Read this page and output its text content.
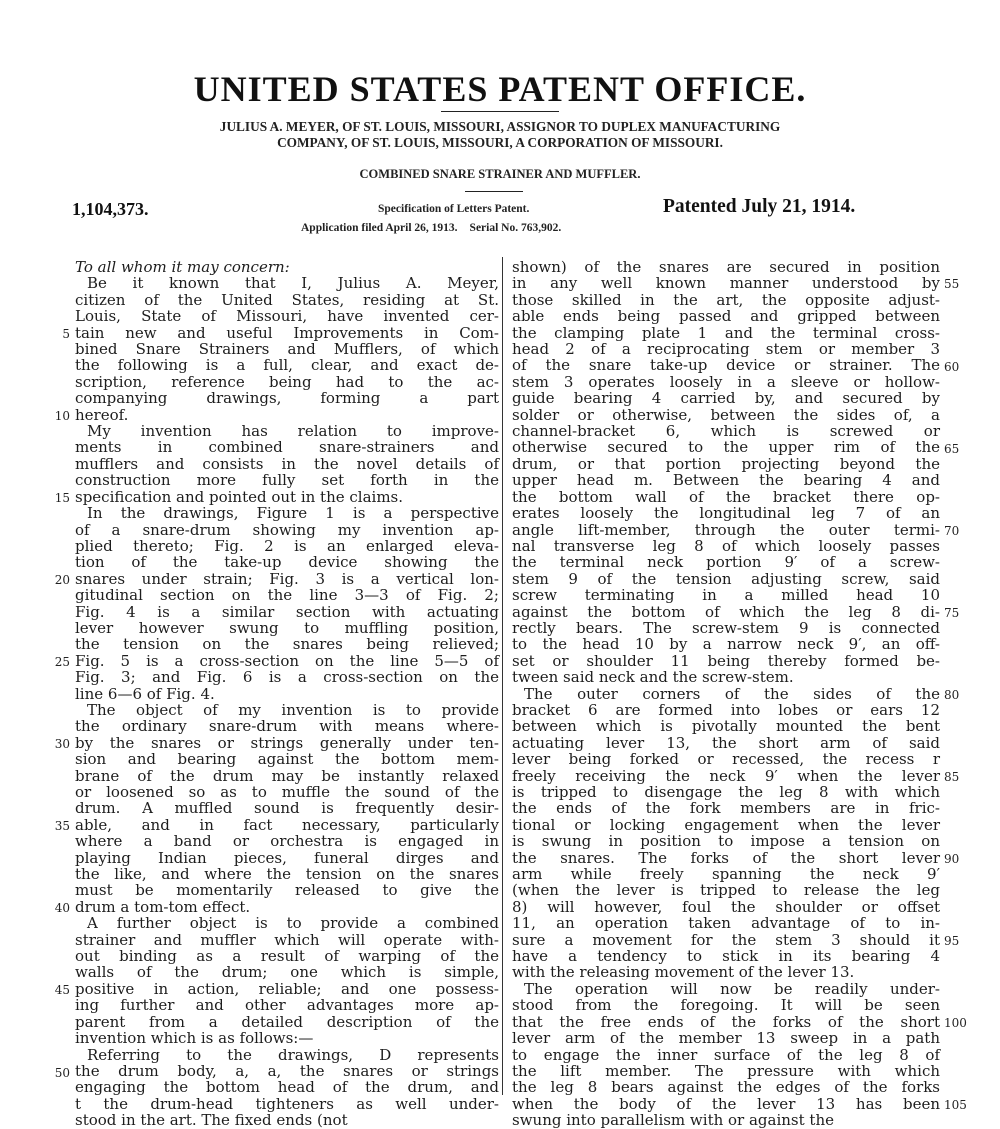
UNITED STATES PATENT OFFICE.
JULIUS A. MEYER, OF ST. LOUIS, MISSOURI, ASSIGNOR TO DUPLEX MANUFACTURING
COMPANY, OF ST. LOUIS, MISSOURI, A CORPORATION OF MISSOURI.
COMBINED SNARE STRAINER AND MUFFLER.
1,104,373.	Specification of Letters Patent.	Patented July 21, 1914.
Application filed April 26, 1913. Serial No. 763,902.
To all whom it may concern:
Be it known that I, Julius A. Meyer,
citizen of the United States, residing at St.
Louis, State of Missouri, have invented cer-
tain new and useful Improvements in Com-
bined Snare Strainers and Mufflers, of which
the following is a full, clear, and exact de-
scription, reference being had to the ac-
companying drawings, forming a part
hereof.
My invention has relation to improve-
ments in combined snare-strainers and
mufflers and consists in the novel details of
construction more fully set forth in the
specification and pointed out in the claims.
In the drawings, Figure 1 is a perspective
of a snare-drum showing my invention ap-
plied thereto; Fig. 2 is an enlarged eleva-
tion of the take-up device showing the
snares under strain; Fig. 3 is a vertical lon-
gitudinal section on the line 3—3 of Fig. 2;
Fig. 4 is a similar section with actuating
lever however swung to muffling position,
the tension on the snares being relieved;
Fig. 5 is a cross-section on the line 5—5 of
Fig. 3; and Fig. 6 is a cross-section on the
line 6—6 of Fig. 4.
The object of my invention is to provide
the ordinary snare-drum with means where-
by the snares or strings generally under ten-
sion and bearing against the bottom mem-
brane of the drum may be instantly relaxed
or loosened so as to muffle the sound of the
drum. A muffled sound is frequently desir-
able, and in fact necessary, particularly
where a band or orchestra is engaged in
playing Indian pieces, funeral dirges and
the like, and where the tension on the snares
must be momentarily released to give the
drum a tom-tom effect.
A further object is to provide a combined
strainer and muffler which will operate with-
out binding as a result of warping of the
walls of the drum; one which is simple,
positive in action, reliable; and one possess-
ing further and other advantages more ap-
parent from a detailed description of the
invention which is as follows:—
Referring to the drawings, D represents
the drum body, a, a, the snares or strings
engaging the bottom head of the drum, and
t the drum-head tighteners as well under-
stood in the art. The fixed ends (not
shown) of the snares are secured in position
in any well known manner understood by
those skilled in the art, the opposite adjust-
able ends being passed and gripped between
the clamping plate 1 and the terminal cross-
head 2 of a reciprocating stem or member 3
of the snare take-up device or strainer. The
stem 3 operates loosely in a sleeve or hollow-
guide bearing 4 carried by, and secured by
solder or otherwise, between the sides of, a
channel-bracket 6, which is screwed or
otherwise secured to the upper rim of the
drum, or that portion projecting beyond the
upper head m. Between the bearing 4 and
the bottom wall of the bracket there op-
erates loosely the longitudinal leg 7 of an
angle lift-member, through the outer termi-
nal transverse leg 8 of which loosely passes
the terminal neck portion 9′ of a screw-
stem 9 of the tension adjusting screw, said
screw terminating in a milled head 10
against the bottom of which the leg 8 di-
rectly bears. The screw-stem 9 is connected
to the head 10 by a narrow neck 9′, an off-
set or shoulder 11 being thereby formed be-
tween said neck and the screw-stem.
The outer corners of the sides of the
bracket 6 are formed into lobes or ears 12
between which is pivotally mounted the bent
actuating lever 13, the short arm of said
lever being forked or recessed, the recess r
freely receiving the neck 9′ when the lever
is tripped to disengage the leg 8 with which
the ends of the fork members are in fric-
tional or locking engagement when the lever
is swung in position to impose a tension on
the snares. The forks of the short lever
arm while freely spanning the neck 9′
(when the lever is tripped to release the leg
8) will however, foul the shoulder or offset
11, an operation taken advantage of to in-
sure a movement for the stem 3 should it
have a tendency to stick in its bearing 4
with the releasing movement of the lever 13.
The operation will now be readily under-
stood from the foregoing. It will be seen
that the free ends of the forks of the short
lever arm of the member 13 sweep in a path
to engage the inner surface of the leg 8 of
the lift member. The pressure with which
the leg 8 bears against the edges of the forks
when the body of the lever 13 has been
swung into parallelism with or against the
5
10
15
20
25
30
35
40
45
50
55
60
65
70
75
80
85
90
95
100
105
